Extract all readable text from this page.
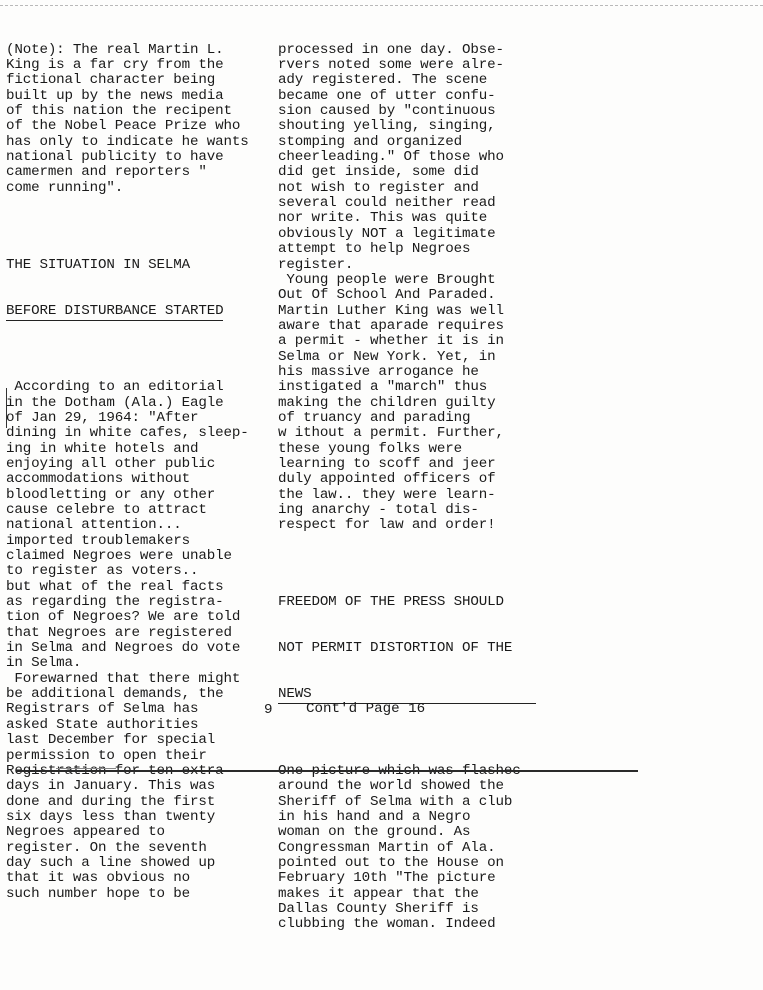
(Note): The real Martin L.
King is a far cry from the
fictional character being
built up by the news media
of this nation the recipent
of the Nobel Peace Prize who
has only to indicate he wants
national publicity to have
camermen and reporters "
come running".

THE SITUATION IN SELMA

BEFORE DISTURBANCE STARTED

According to an editorial
in the Dotham (Ala.) Eagle
of Jan 29, 1964: "After
dining in white cafes, sleep-
ing in white hotels and
enjoying all other public
accommodations without
bloodletting or any other
cause celebre to attract
national attention...
imported troublemakers
claimed Negroes were unable
to register as voters..
but what of the real facts
as regarding the registra-
tion of Negroes? We are told
that Negroes are registered
in Selma and Negroes do vote
in Selma.
Forewarned that there might
be additional demands, the
Registrars of Selma has
asked State authorities
last December for special
permission to open their
Registration for ten extra
days in January. This was
done and during the first
six days less than twenty
Negroes appeared to
register. On the seventh
day such a line showed up
that it was obvious no
such number hope to be

processed in one day. Obse-
rvers noted some were alre-
ady registered. The scene
became one of utter confu-
sion caused by "continuous
shouting yelling, singing,
stomping and organized
cheerleading." Of those who
did get inside, some did
not wish to register and
several could neither read
nor write. This was quite
obviously NOT a legitimate
attempt to help Negroes
register.
Young people were Brought
Out Of School And Paraded.
Martin Luther King was well
aware that aparade requires
a permit - whether it is in
Selma or New York. Yet, in
his massive arrogance he
instigated a "march" thus
making the children guilty
of truancy and parading
w ithout a permit. Further,
these young folks were
learning to scoff and jeer
duly appointed officers of
the law.. they were learn-
ing anarchy - total dis-
respect for law and order!

FREEDOM OF THE PRESS SHOULD

NOT PERMIT DISTORTION OF THE

NEWS

One picture which was flashec
around the world showed the
Sheriff of Selma with a club
in his hand and a Negro
woman on the ground. As
Congressman Martin of Ala.
pointed out to the House on
February 10th "The picture
makes it appear that the
Dallas County Sheriff is
clubbing the woman. Indeed

9 Cont'd Page 16
